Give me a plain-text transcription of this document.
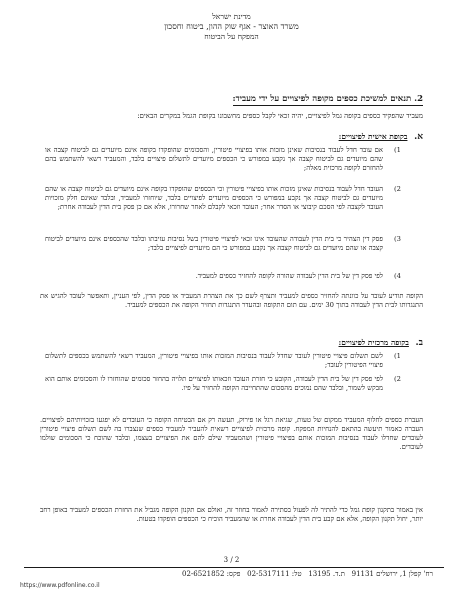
מדינת ישראל
משרד האוצר - אגף שוק ההון, ביטוח וחסכון
המפקח על הביטוח
2. תנאים למשיכת כספים מקופה לפיצויים על ידי מעביד:
מעביד שהפקיד כספים בקופה גמל לפיצויים, יהיה זכאי לקבל כספים מחשבונו בקופת הגמל במקרים הבאים:
א. בקופת אישית לפיצויים:
1)
אם עובד חדל לעבוד בנסיבות שאינן מזכות אותו בפיצויי פיטורין, והסכומים שהופקדו בקופה אינם מיועדים גם לביטוח קצבה או שהם מיועדים גם לביטוח קצבה אך נקבע במפורש כי הכספים מיועדים לתשלום פיצויים בלבד, והמעביד רשאי להשתמש בהם להחזרם לקופה מרכזית מאלה;
2)
העובד חדל לעבוד בנסיבות שאינן מזכות אותו בפיצויי פיטורין וכי הכספים שהופקדו בקופה אינם מיועדים גם לביטוח קצבה או שהם מיועדים גם לביטוח קצבה אך נקבע במפורש כי הכספים מיועדים לפיצויים בלבד, שיוחזרו למעביד, ובלבד שאינם חלק מזכויות העובד לקצבה לפי הסכם קיבוצי או הסדר אחר; העובד וזכאי לקבלם לאחר שחרורו, אלא אם כן פסק בית הדין לעבודה אחרת;
3)
פסק דין הצהיר כי בית הדין לעבודה שהעובד אינו זכאי לפיצויי פיטורין בשל נסיבות עזיבתו ובלבד שהכספים אינם מיועדים לביטוח קצבה או שהם מיועדים גם לביטוח קצבה אך נקבע במפורש כי הם מיועדים לפיצויים בלבד;
4)
לפי פסק דין של בית הדין לעבודה שהורה לקופה להחזיר כספים למעביד.
הקופה תודיע לעובד על כוונתה להחזיר כספים למעביד ותצרף לשם כך את הצהרת המעביד או פסק הדין, לפי העניין, ותאפשר לעובד להגיש את התנגדותו לבית הדין לעבודה בתוך 30 ימים. עם תום התקופה ובהעדר התנגדות תחזיר הקופה את הכספים למעביד.
ב. בקופה מרכזית לפיצויים:
1)
לשם תשלום פיצויי פיטורין לעובד שחדל לעבוד בנסיבות המזכות אותו בפיצויי פיטורין, המעביד רשאי להשתמש בכספים לתשלום פיצויי הפיטורין לעובד;
2)
לפי פסק דין של בית הדין לעבודה, הקובע כי חזרת העובד וזכאותו לפיצויים תלויה בהחזר סכומים שהוחזרו לו והסכומים אותם הוא מבקש לשמור, ובלבד שהם נמוכים מהסכום שהתחייבה הקופה להחזיר על פיו.
העברת כספים לחלוף המעביד ממקום של טעות, שגיאת רגל או פירוק, תעשה רק אם הבטיחה הקופה כי העובדים לא יפגעו בזכויותיהם לפיצויים. העברה כאמור תיעשה בהתאם להנחיות המפקח. קופה מרכזית לפיצויים רשאית להעביר למעביד כספים שנצברו בה לשם תשלום פיצויי פיטורין לעובדים שחדלו לעבוד בנסיבות המזכות אותם בפיצויי פיטורין ושהמעביד שילם להם את הפיצויים בעצמו, ובלבד שהוכח כי הסכומים שולמו לעובדים.
אין באמור בתקנון קופת גמל כדי להתיר לה לפעול בסתירה לאמור בחוזר זה, ואולם אם תקנון הקופה מגביל את החזרת הכספים למעביד באופן רחב יותר, יחול תקנון הקופה, אלא אם קבע בית הדין לעבודה אחרת או שהמעביד הוכיח כי הכספים הופקדו בטעות.
2 / 3
רח' קפלן 1, ירושלים 91131   ת.ד. 13195   טל: 02-5317111   פקס: 02-6521852
https://www.pdfonline.co.il
